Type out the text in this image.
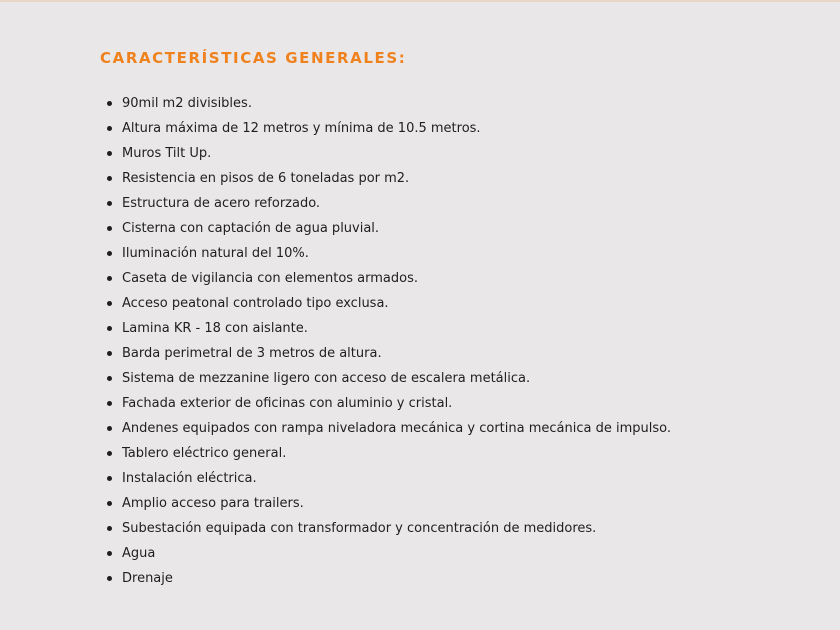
CARACTERÍSTICAS GENERALES:
90mil m2 divisibles.
Altura máxima de 12 metros y mínima de 10.5 metros.
Muros Tilt Up.
Resistencia en pisos de 6 toneladas por m2.
Estructura de acero reforzado.
Cisterna con captación de agua pluvial.
Iluminación natural del 10%.
Caseta de vigilancia con elementos armados.
Acceso peatonal controlado tipo exclusa.
Lamina KR - 18 con aislante.
Barda perimetral de 3 metros de altura.
Sistema de mezzanine ligero con acceso de escalera metálica.
Fachada exterior de oficinas con aluminio y cristal.
Andenes equipados con rampa niveladora mecánica y cortina mecánica de impulso.
Tablero eléctrico general.
Instalación eléctrica.
Amplio acceso para trailers.
Subestación equipada con transformador y concentración de medidores.
Agua
Drenaje
